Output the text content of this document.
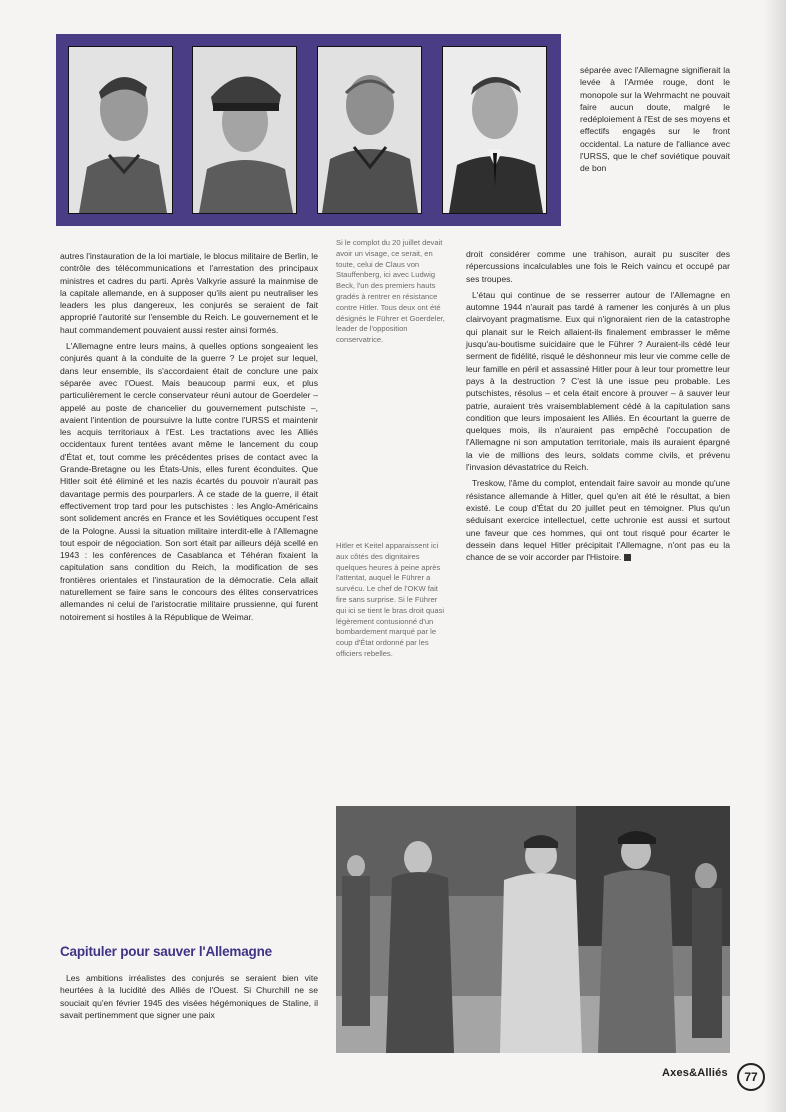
séparée avec l'Allemagne signifierait la levée à l'Armée rouge, dont le monopole sur la Wehrmacht ne pouvait faire aucun doute, malgré le redéploiement à l'Est de ses moyens et effectifs engagés sur le front occidental. La nature de l'alliance avec l'URSS, que le chef soviétique pouvait de bon

autres l'instauration de la loi martiale, le blocus militaire de Berlin, le contrôle des télécommunications et l'arrestation des principaux ministres et cadres du parti. Après Valkyrie assuré la mainmise de la capitale allemande, en à supposer qu'ils aient pu neutraliser les leaders les plus dangereux, les conjurés se seraient de fait approprié l'autorité sur l'ensemble du Reich. Le gouvernement et le haut commandement pouvaient aussi rester ainsi formés.

L'Allemagne entre leurs mains, à quelles options songeaient les conjurés quant à la conduite de la guerre ? Le projet sur lequel, dans leur ensemble, ils s'accordaient était de conclure une paix séparée avec l'Ouest. Mais beaucoup parmi eux, et plus particulièrement le cercle conservateur réuni autour de Goerdeler – appelé au poste de chancelier du gouvernement putschiste –, avaient l'intention de poursuivre la lutte contre l'URSS et maintenir les acquis territoriaux à l'Est. Les tractations avec les Alliés occidentaux furent tentées avant même le lancement du coup d'État et, tout comme les précédentes prises de contact avec la Grande-Bretagne ou les États-Unis, elles furent éconduites. Que Hitler soit été éliminé et les nazis écartés du pouvoir n'aurait pas davantage permis des pourparlers. À ce stade de la guerre, il était effectivement trop tard pour les putschistes : les Anglo-Américains sont solidement ancrés en France et les Soviétiques occupent l'est de la Pologne. Aussi la situation militaire interdit-elle à l'Allemagne tout espoir de négociation. Son sort était par ailleurs déjà scellé en 1943 : les conférences de Casablanca et Téhéran fixaient la capitulation sans condition du Reich, la modification de ses frontières orientales et l'instauration de la démocratie. Cela allait naturellement se faire sans le concours des élites conservatrices allemandes ni celui de l'aristocratie militaire prussienne, qui furent notoirement si hostiles à la République de Weimar.

Capituler pour sauver l'Allemagne

Les ambitions irréalistes des conjurés se seraient bien vite heurtées à la lucidité des Alliés de l'Ouest. Si Churchill ne se souciait qu'en février 1945 des visées hégémoniques de Staline, il savait pertinemment que signer une paix

Si le complot du 20 juillet devait avoir un visage, ce serait, en toute, celui de Claus von Stauffenberg, ici avec Ludwig Beck, l'un des premiers hauts gradés à rentrer en résistance contre Hitler. Tous deux ont été désignés le Führer et Goerdeler, leader de l'opposition conservatrice.

Hitler et Keitel apparaissent ici aux côtés des dignitaires quelques heures à peine après l'attentat, auquel le Führer a survécu. Le chef de l'OKW fait fire sans surprise. Si le Führer qui ici se tient le bras droit quasi légèrement contusionné d'un bombardement marqué par le coup d'État ordonné par les officiers rebelles.

droit considérer comme une trahison, aurait pu susciter des répercussions incalculables une fois le Reich vaincu et occupé par ses troupes.

L'étau qui continue de se resserrer autour de l'Allemagne en automne 1944 n'aurait pas tardé à ramener les conjurés à un plus clairvoyant pragmatisme. Eux qui n'ignoraient rien de la catastrophe qui planait sur le Reich allaient-ils finalement embrasser le même jusqu'au-boutisme suicidaire que le Führer ? Auraient-ils cédé leur serment de fidélité, risqué le déshonneur mis leur vie comme celle de leur famille en péril et assassiné Hitler pour à leur tour promettre leur pays à la destruction ? C'est là une issue peu probable. Les putschistes, résolus – et cela était encore à prouver – à sauver leur patrie, auraient très vraisemblablement cédé à la capitulation sans condition que leurs imposaient les Alliés. En écourtant la guerre de quelques mois, ils n'auraient pas empêché l'occupation de l'Allemagne ni son amputation territoriale, mais ils auraient épargné la vie de millions des leurs, soldats comme civils, et prévenu l'invasion dévastatrice du Reich.

Treskow, l'âme du complot, entendait faire savoir au monde qu'une résistance allemande à Hitler, quel qu'en ait été le résultat, a bien existé. Le coup d'État du 20 juillet peut en témoigner. Plus qu'un séduisant exercice intellectuel, cette uchronie est aussi et surtout une faveur que ces hommes, qui ont tout risqué pour écarter le dessein dans lequel Hitler précipitait l'Allemagne, n'ont pas eu la chance de se voir accorder par l'Histoire.

Axes&Alliés	77
